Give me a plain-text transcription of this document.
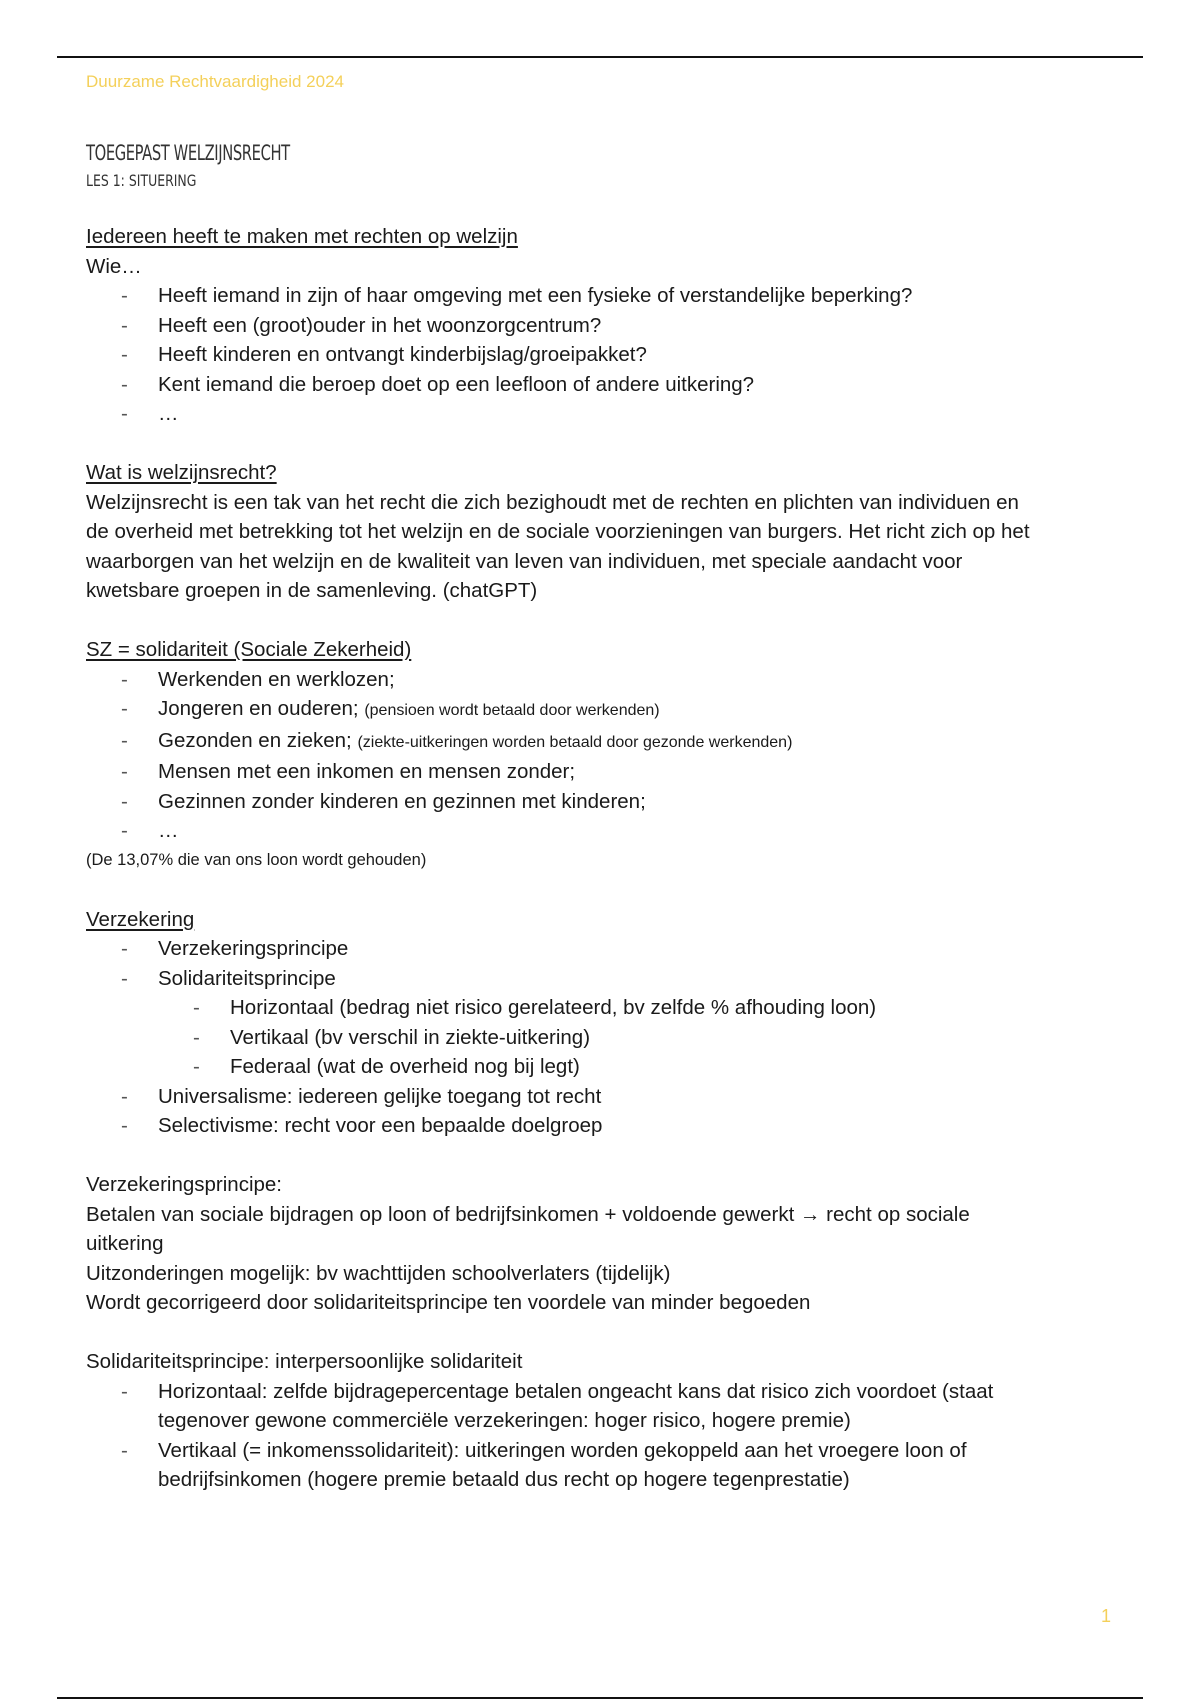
Duurzame Rechtvaardigheid 2024
TOEGEPAST WELZIJNSRECHT
LES 1: SITUERING
Iedereen heeft te maken met rechten op welzijn
Wie…
- Heeft iemand in zijn of haar omgeving met een fysieke of verstandelijke beperking?
- Heeft een (groot)ouder in het woonzorgcentrum?
- Heeft kinderen en ontvangt kinderbijslag/groeipakket?
- Kent iemand die beroep doet op een leefloon of andere uitkering?
- …
Wat is welzijnsrecht?
Welzijnsrecht is een tak van het recht die zich bezighoudt met de rechten en plichten van individuen en
de overheid met betrekking tot het welzijn en de sociale voorzieningen van burgers. Het richt zich op het
waarborgen van het welzijn en de kwaliteit van leven van individuen, met speciale aandacht voor
kwetsbare groepen in de samenleving. (chatGPT)
SZ = solidariteit (Sociale Zekerheid)
- Werkenden en werklozen;
- Jongeren en ouderen; (pensioen wordt betaald door werkenden)
- Gezonden en zieken; (ziekte-uitkeringen worden betaald door gezonde werkenden)
- Mensen met een inkomen en mensen zonder;
- Gezinnen zonder kinderen en gezinnen met kinderen;
- …
(De 13,07% die van ons loon wordt gehouden)
Verzekering
- Verzekeringsprincipe
- Solidariteitsprincipe
- Horizontaal (bedrag niet risico gerelateerd, bv zelfde % afhouding loon)
- Vertikaal (bv verschil in ziekte-uitkering)
- Federaal (wat de overheid nog bij legt)
- Universalisme: iedereen gelijke toegang tot recht
- Selectivisme: recht voor een bepaalde doelgroep
Verzekeringsprincipe:
Betalen van sociale bijdragen op loon of bedrijfsinkomen + voldoende gewerkt → recht op sociale
uitkering
Uitzonderingen mogelijk: bv wachttijden schoolverlaters (tijdelijk)
Wordt gecorrigeerd door solidariteitsprincipe ten voordele van minder begoeden
Solidariteitsprincipe: interpersoonlijke solidariteit
- Horizontaal: zelfde bijdragepercentage betalen ongeacht kans dat risico zich voordoet (staat
tegenover gewone commerciële verzekeringen: hoger risico, hogere premie)
- Vertikaal (= inkomenssolidariteit): uitkeringen worden gekoppeld aan het vroegere loon of
bedrijfsinkomen (hogere premie betaald dus recht op hogere tegenprestatie)
1
